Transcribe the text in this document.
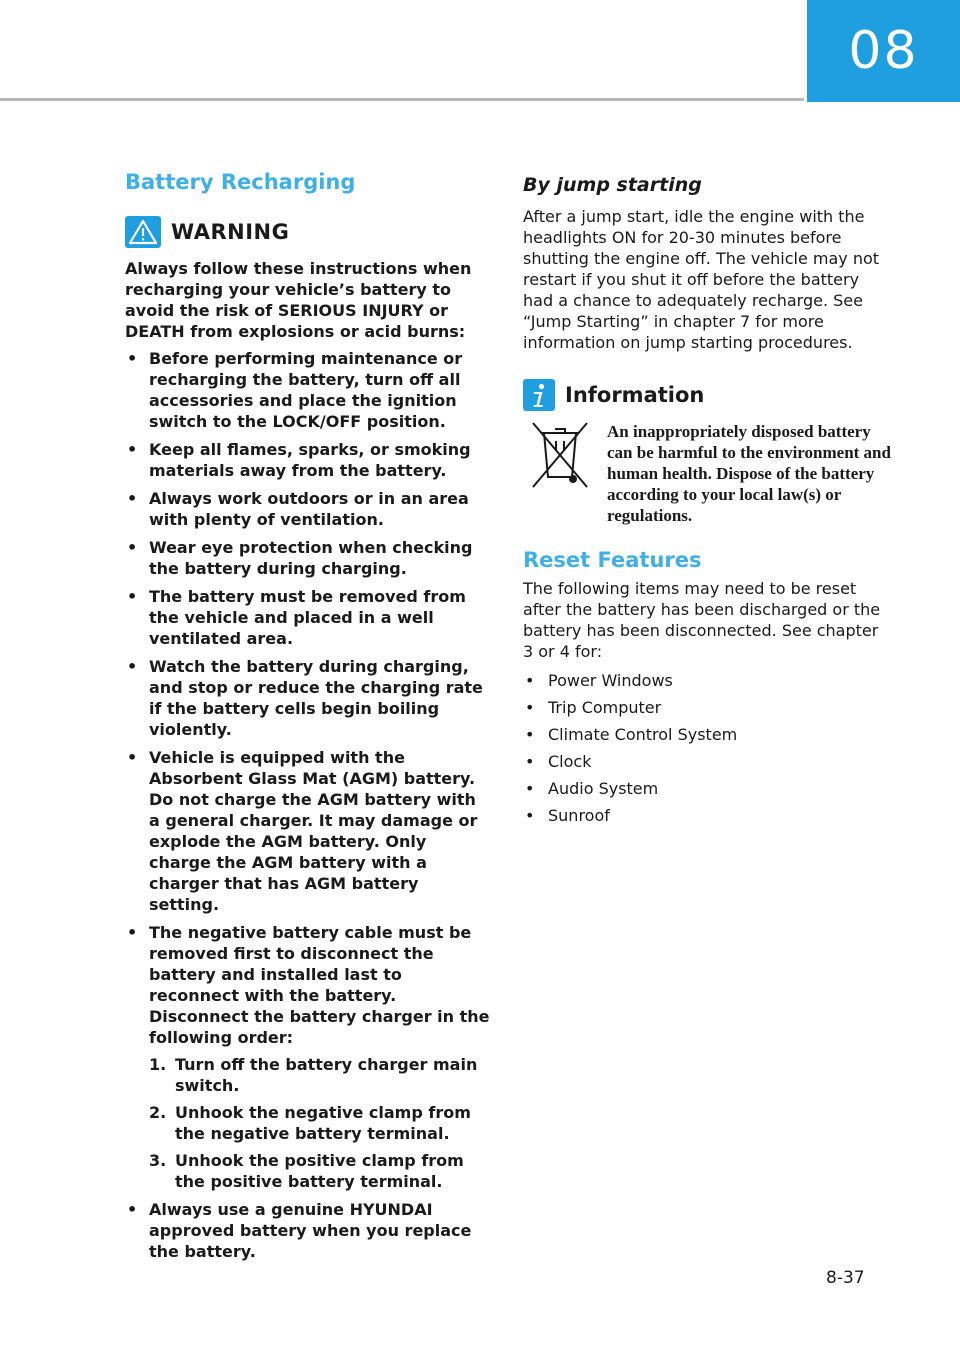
08
Battery Recharging
WARNING
Always follow these instructions when recharging your vehicle’s battery to avoid the risk of SERIOUS INJURY or DEATH from explosions or acid burns:
• Before performing maintenance or recharging the battery, turn off all accessories and place the ignition switch to the LOCK/OFF position.
• Keep all flames, sparks, or smoking materials away from the battery.
• Always work outdoors or in an area with plenty of ventilation.
• Wear eye protection when checking the battery during charging.
• The battery must be removed from the vehicle and placed in a well ventilated area.
• Watch the battery during charging, and stop or reduce the charging rate if the battery cells begin boiling violently.
• Vehicle is equipped with the Absorbent Glass Mat (AGM) battery. Do not charge the AGM battery with a general charger. It may damage or explode the AGM battery. Only charge the AGM battery with a charger that has AGM battery setting.
• The negative battery cable must be removed first to disconnect the battery and installed last to reconnect with the battery. Disconnect the battery charger in the following order:
1. Turn off the battery charger main switch.
2. Unhook the negative clamp from the negative battery terminal.
3. Unhook the positive clamp from the positive battery terminal.
• Always use a genuine HYUNDAI approved battery when you replace the battery.
By jump starting

After a jump start, idle the engine with the headlights ON for 20-30 minutes before shutting the engine off. The vehicle may not restart if you shut it off before the battery had a chance to adequately recharge. See “Jump Starting” in chapter 7 for more information on jump starting procedures.

Information
An inappropriately disposed battery can be harmful to the environment and human health. Dispose of the battery according to your local law(s) or regulations.
Reset Features

The following items may need to be reset after the battery has been discharged or the battery has been disconnected. See chapter 3 or 4 for:

• Power Windows
• Trip Computer
• Climate Control System
• Clock
• Audio System
• Sunroof
8-37
